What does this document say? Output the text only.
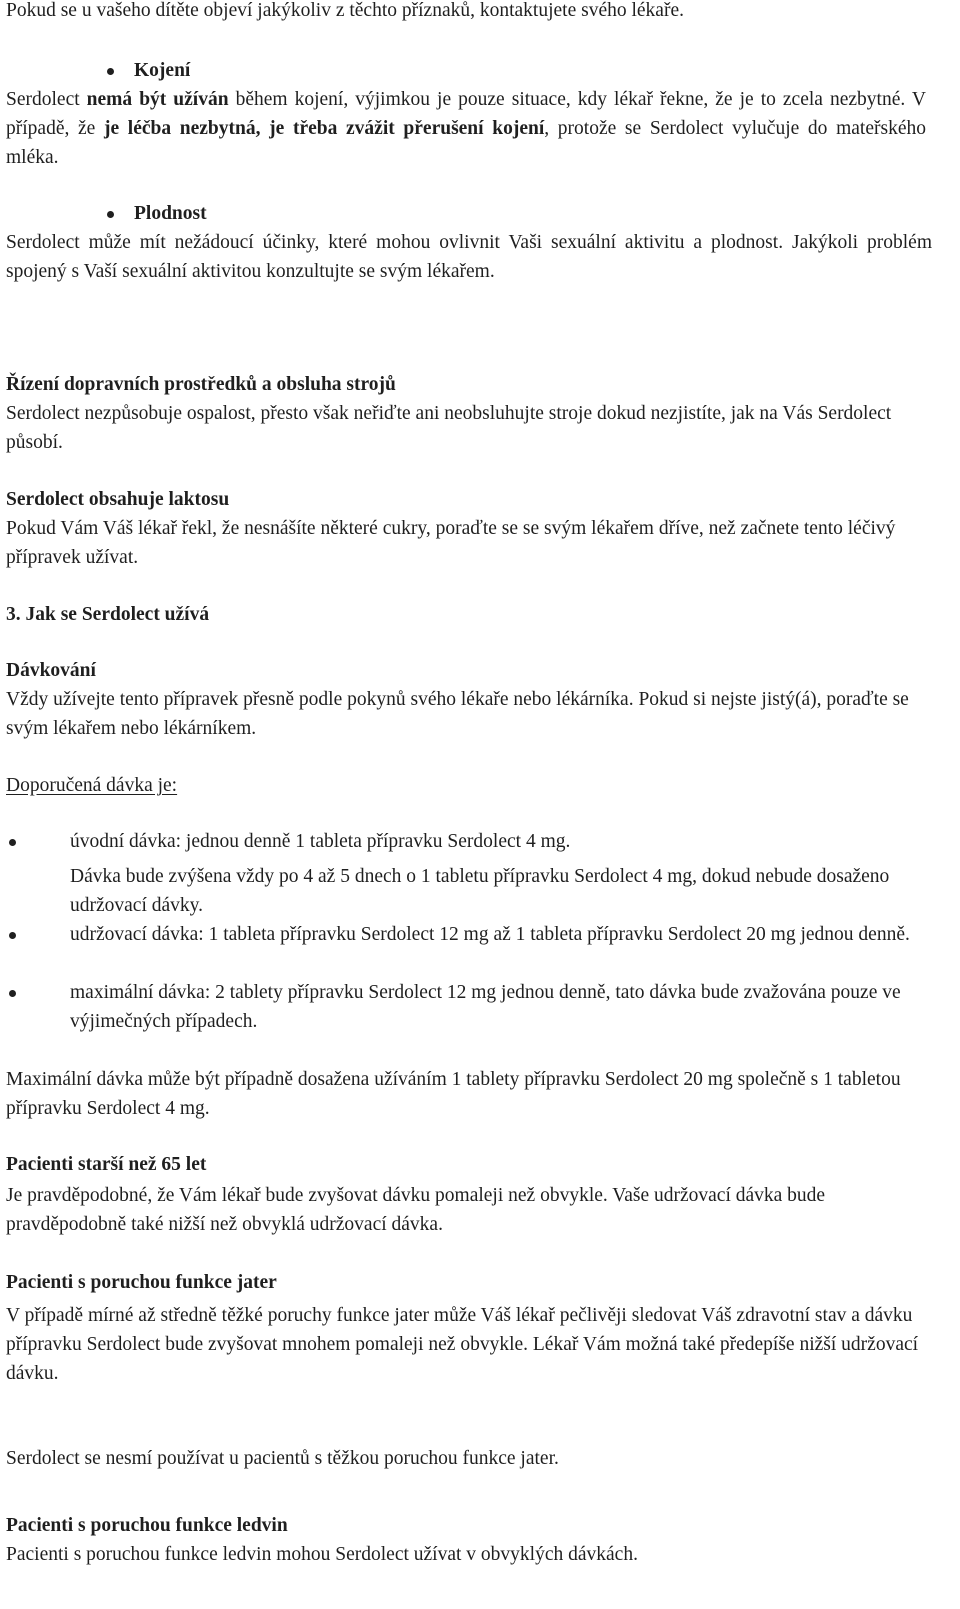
Pokud se u vašeho dítěte objeví jakýkoliv z těchto příznaků, kontaktujete svého lékaře.

Kojení

Serdolect nemá být užíván během kojení, výjimkou je pouze situace, kdy lékař řekne, že je to zcela nezbytné. V případě, že je léčba nezbytná, je třeba zvážit přerušení kojení, protože se Serdolect vylučuje do mateřského mléka.

Plodnost

Serdolect může mít nežádoucí účinky, které mohou ovlivnit Vaši sexuální aktivitu a plodnost. Jakýkoli problém spojený s Vaší sexuální aktivitou konzultujte se svým lékařem.

Řízení dopravních prostředků a obsluha strojů

Serdolect nezpůsobuje ospalost, přesto však neřiďte ani neobsluhujte stroje dokud nezjistíte, jak na Vás Serdolect působí.

Serdolect obsahuje laktosu

Pokud Vám Váš lékař řekl, že nesnášíte některé cukry, poraďte se se svým lékařem dříve, než začnete tento léčivý přípravek užívat.

3. Jak se Serdolect užívá

Dávkování

Vždy užívejte tento přípravek přesně podle pokynů svého lékaře nebo lékárníka. Pokud si nejste jistý(á), poraďte se svým lékařem nebo lékárníkem.

Doporučená dávka je:

úvodní dávka: jednou denně 1 tableta přípravku Serdolect 4 mg.

Dávka bude zvýšena vždy po 4 až 5 dnech o 1 tabletu přípravku Serdolect 4 mg, dokud nebude dosaženo udržovací dávky.

udržovací dávka: 1 tableta přípravku Serdolect 12 mg až 1 tableta přípravku Serdolect 20 mg jednou denně.

maximální dávka: 2 tablety přípravku Serdolect 12 mg jednou denně, tato dávka bude zvažována pouze ve výjimečných případech.

Maximální dávka může být případně dosažena užíváním 1 tablety přípravku Serdolect 20 mg společně s 1 tabletou přípravku Serdolect 4 mg.

Pacienti starší než 65 let

Je pravděpodobné, že Vám lékař bude zvyšovat dávku pomaleji než obvykle. Vaše udržovací dávka bude pravděpodobně také nižší než obvyklá udržovací dávka.

Pacienti s poruchou funkce jater

V případě mírné až středně těžké poruchy funkce jater může Váš lékař pečlivěji sledovat Váš zdravotní stav a dávku přípravku Serdolect bude zvyšovat mnohem pomaleji než obvykle. Lékař Vám možná také předepíše nižší udržovací dávku.

Serdolect se nesmí používat u pacientů s těžkou poruchou funkce jater.

Pacienti s poruchou funkce ledvin

Pacienti s poruchou funkce ledvin mohou Serdolect užívat v obvyklých dávkách.
